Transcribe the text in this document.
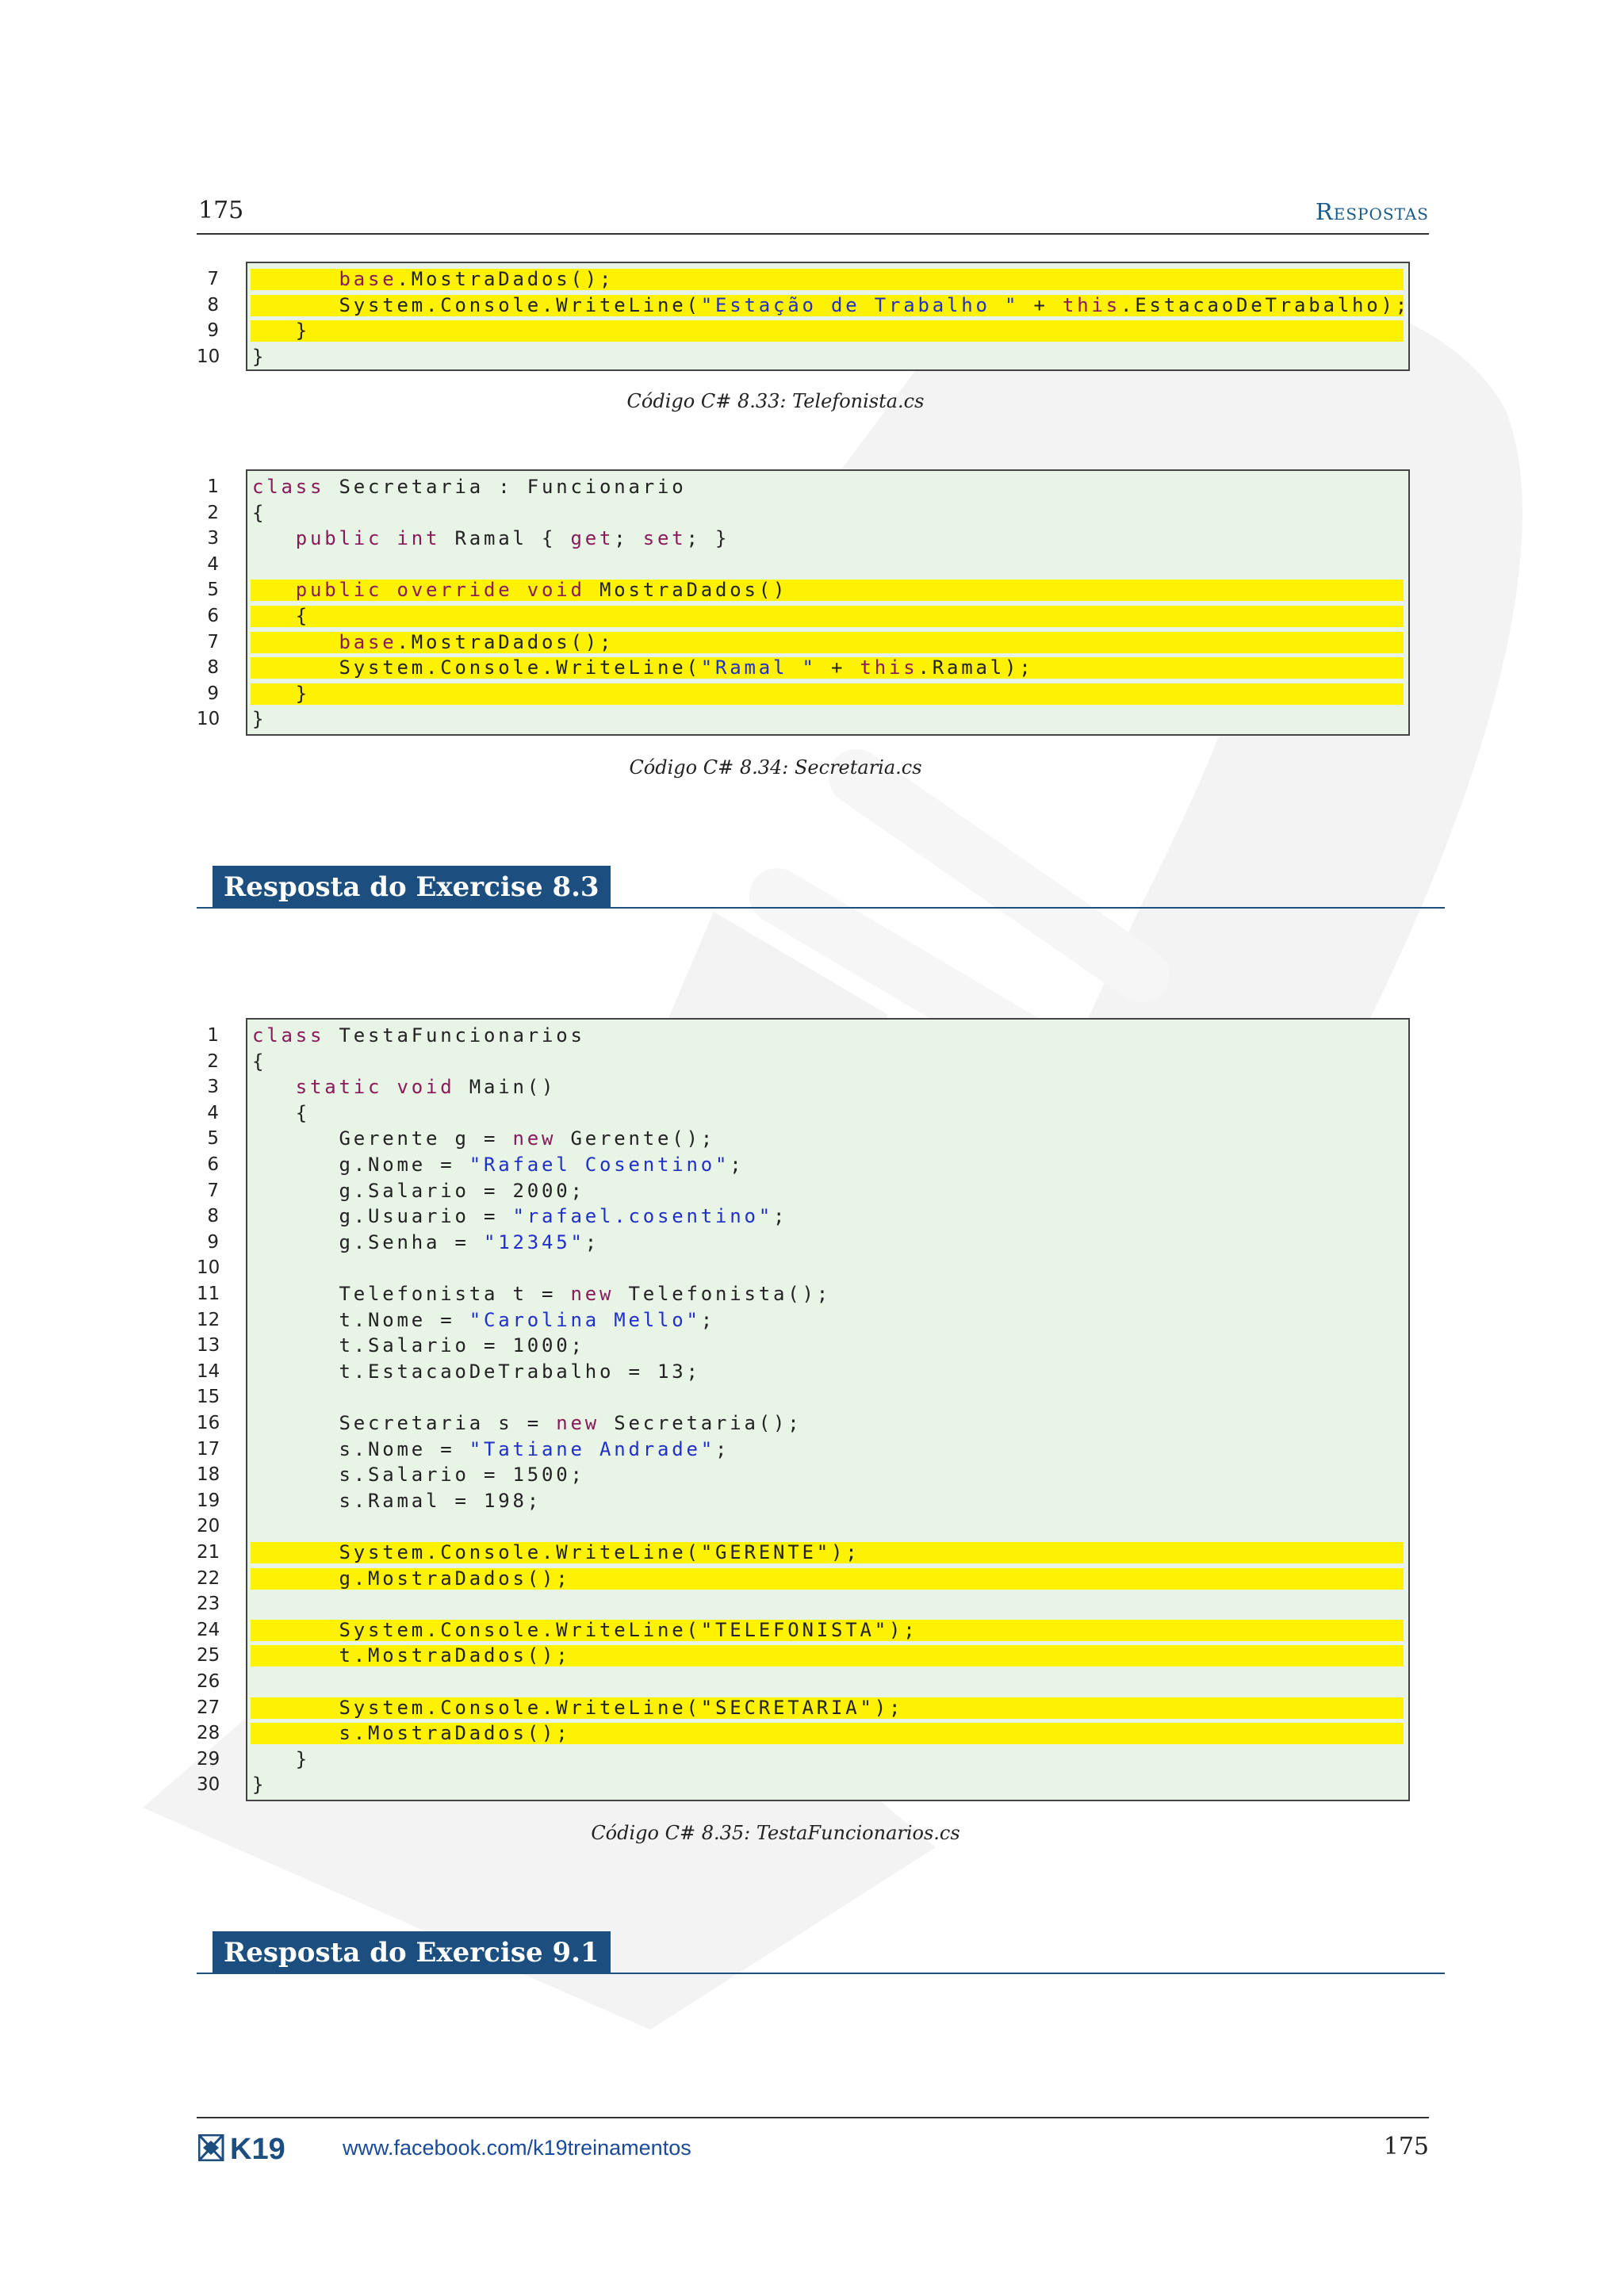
175	Respostas
7	base.MostraDados();
8 System.Console.WriteLine("Estação de Trabalho " + this.EstacaoDeTrabalho);
9 }
10 }
Código C# 8.33: Telefonista.cs
1 class Secretaria : Funcionario
2 {
3	public int Ramal { get; set; }
4
5	public override void MostraDados()
6 {
7	base.MostraDados();
8 System.Console.WriteLine("Ramal " + this.Ramal);
9 }
10 }
Código C# 8.34: Secretaria.cs
Resposta do Exercise 8.3
1 class TestaFuncionarios
2 {
3	static void Main()
4 {
5 Gerente g = new Gerente();
6 g.Nome = "Rafael Cosentino";
7 g.Salario = 2000;
8 g.Usuario = "rafael.cosentino";
9 g.Senha = "12345";
10
11 Telefonista t = new Telefonista();
12 t.Nome = "Carolina Mello";
13 t.Salario = 1000;
14 t.EstacaoDeTrabalho = 13;
15
16 Secretaria s = new Secretaria();
17 s.Nome = "Tatiane Andrade";
18 s.Salario = 1500;
19 s.Ramal = 198;
20
21 System.Console.WriteLine("GERENTE");
22 g.MostraDados();
23
24 System.Console.WriteLine("TELEFONISTA");
25 t.MostraDados();
26
27 System.Console.WriteLine("SECRETARIA");
28 s.MostraDados();
29 }
30 }
Código C# 8.35: TestaFuncionarios.cs
Resposta do Exercise 9.1
K19	www.facebook.com/k19treinamentos	175
